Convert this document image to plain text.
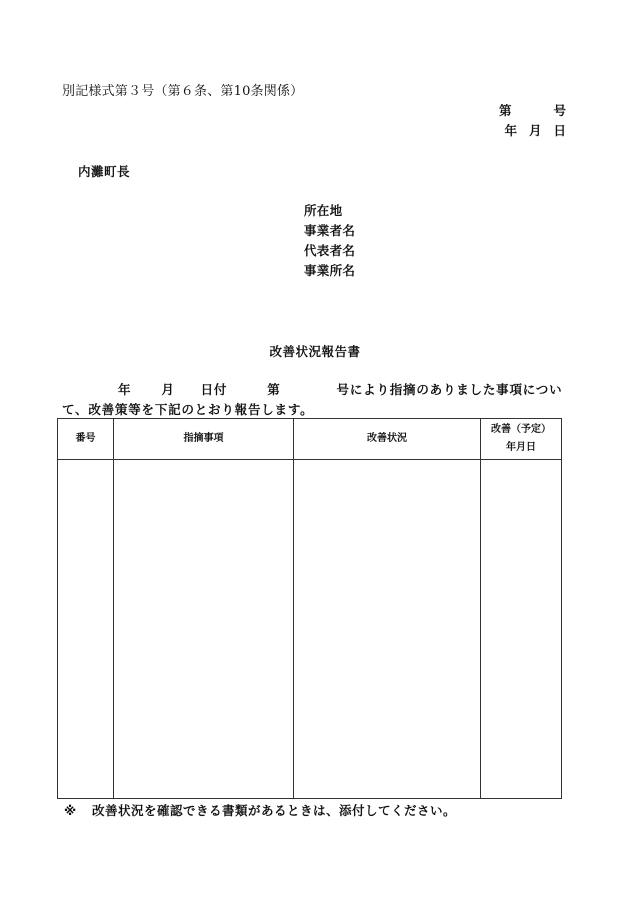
別記様式第３号（第６条、第10条関係）
第	号
年 月 日
内灘町長
所在地
事業者名
代表者名
事業所名
改善状況報告書
年 月 日付	第	号により指摘のありました事項につい
て、改善策等を下記のとおり報告します。
番号	指摘事項	改善状況	改善（予定）
年月日

※ 改善状況を確認できる書類があるときは、添付してください。
